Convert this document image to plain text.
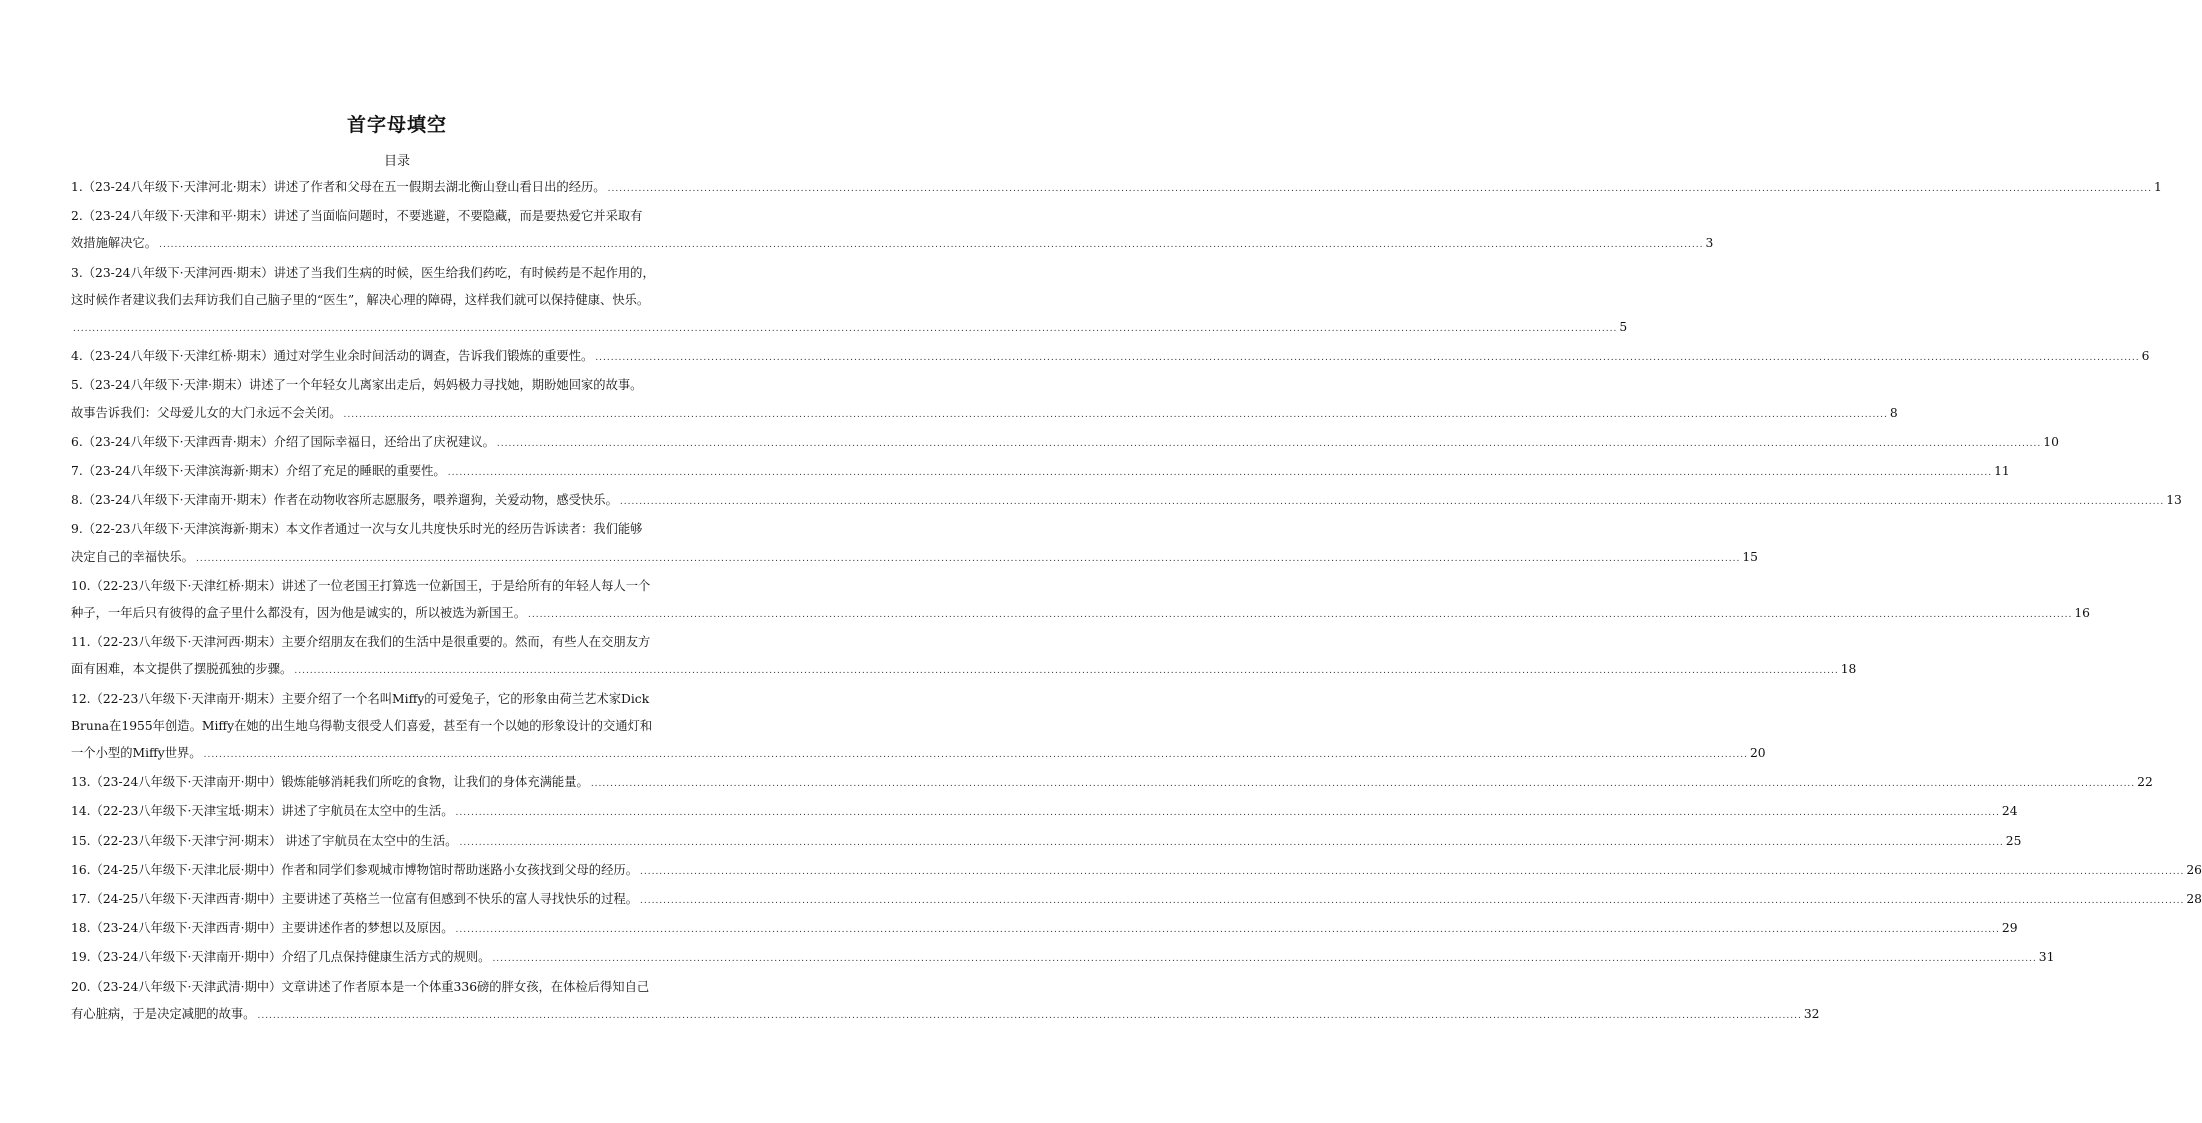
首字母填空
目录
1.（23-24八年级下·天津河北·期末）讲述了作者和父母在五一假期去湖北衡山登山看日出的经历。 ................................................................................................................................................................................................................................................................................................................................................................................................................ 1
2.（23-24八年级下·天津和平·期末）讲述了当面临问题时，不要逃避，不要隐藏，而是要热爱它并采取有
效措施解决它。 ................................................................................................................................................................................................................................................................................................................................................................................................................ 3
3.（23-24八年级下·天津河西·期末）讲述了当我们生病的时候，医生给我们药吃，有时候药是不起作用的，
这时候作者建议我们去拜访我们自己脑子里的“医生”，解决心理的障碍，这样我们就可以保持健康、快乐。
................................................................................................................................................................................................................................................................................................................................................................................................................ 5
4.（23-24八年级下·天津红桥·期末）通过对学生业余时间活动的调查，告诉我们锻炼的重要性。 ................................................................................................................................................................................................................................................................................................................................................................................................................ 6
5.（23-24八年级下·天津·期末）讲述了一个年轻女儿离家出走后，妈妈极力寻找她，期盼她回家的故事。
故事告诉我们：父母爱儿女的大门永远不会关闭。 ................................................................................................................................................................................................................................................................................................................................................................................................................ 8
6.（23-24八年级下·天津西青·期末）介绍了国际幸福日，还给出了庆祝建议。 ................................................................................................................................................................................................................................................................................................................................................................................................................ 10
7.（23-24八年级下·天津滨海新·期末）介绍了充足的睡眠的重要性。 ................................................................................................................................................................................................................................................................................................................................................................................................................ 11
8.（23-24八年级下·天津南开·期末）作者在动物收容所志愿服务，喂养遛狗，关爱动物，感受快乐。 ................................................................................................................................................................................................................................................................................................................................................................................................................ 13
9.（22-23八年级下·天津滨海新·期末）本文作者通过一次与女儿共度快乐时光的经历告诉读者：我们能够
决定自己的幸福快乐。 ................................................................................................................................................................................................................................................................................................................................................................................................................ 15
10.（22-23八年级下·天津红桥·期末）讲述了一位老国王打算选一位新国王，于是给所有的年轻人每人一个
种子，一年后只有彼得的盒子里什么都没有，因为他是诚实的，所以被选为新国王。 ................................................................................................................................................................................................................................................................................................................................................................................................................ 16
11.（22-23八年级下·天津河西·期末）主要介绍朋友在我们的生活中是很重要的。然而，有些人在交朋友方
面有困难，本文提供了摆脱孤独的步骤。 ................................................................................................................................................................................................................................................................................................................................................................................................................ 18
12.（22-23八年级下·天津南开·期末）主要介绍了一个名叫Miffy的可爱兔子，它的形象由荷兰艺术家Dick
Bruna在1955年创造。Miffy在她的出生地乌得勒支很受人们喜爱，甚至有一个以她的形象设计的交通灯和
一个小型的Miffy世界。 ................................................................................................................................................................................................................................................................................................................................................................................................................ 20
13.（23-24八年级下·天津南开·期中）锻炼能够消耗我们所吃的食物，让我们的身体充满能量。 ................................................................................................................................................................................................................................................................................................................................................................................................................ 22
14.（22-23八年级下·天津宝坻·期末）讲述了宇航员在太空中的生活。 ................................................................................................................................................................................................................................................................................................................................................................................................................ 24
15.（22-23八年级下·天津宁河·期末） 讲述了宇航员在太空中的生活。 ................................................................................................................................................................................................................................................................................................................................................................................................................ 25
16.（24-25八年级下·天津北辰·期中）作者和同学们参观城市博物馆时帮助迷路小女孩找到父母的经历。 ................................................................................................................................................................................................................................................................................................................................................................................................................ 26
17.（24-25八年级下·天津西青·期中）主要讲述了英格兰一位富有但感到不快乐的富人寻找快乐的过程。 ................................................................................................................................................................................................................................................................................................................................................................................................................ 28
18.（23-24八年级下·天津西青·期中）主要讲述作者的梦想以及原因。 ................................................................................................................................................................................................................................................................................................................................................................................................................ 29
19.（23-24八年级下·天津南开·期中）介绍了几点保持健康生活方式的规则。 ................................................................................................................................................................................................................................................................................................................................................................................................................ 31
20.（23-24八年级下·天津武清·期中）文章讲述了作者原本是一个体重336磅的胖女孩，在体检后得知自己
有心脏病，于是决定减肥的故事。 ................................................................................................................................................................................................................................................................................................................................................................................................................ 32
